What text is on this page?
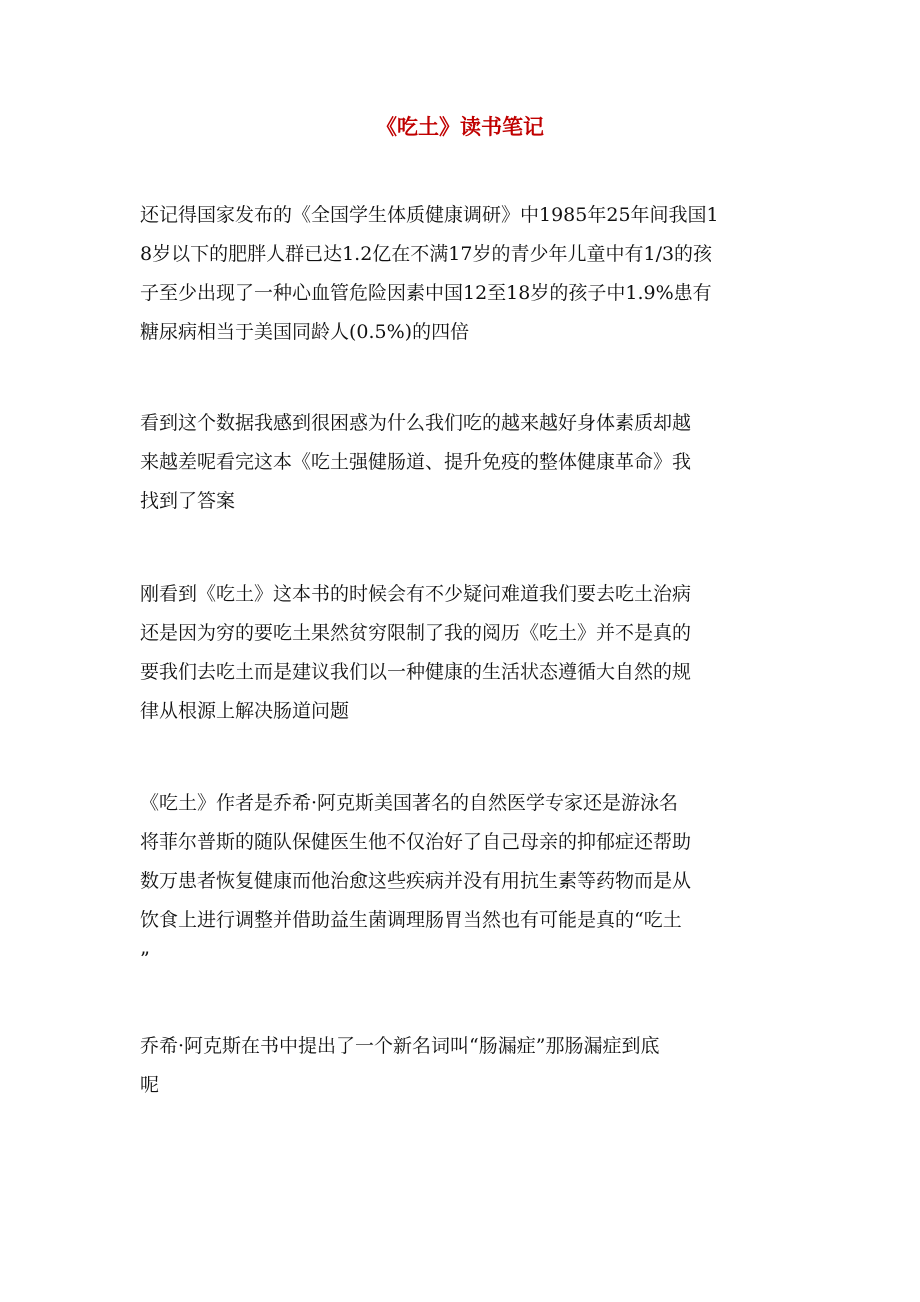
《吃土》读书笔记

还记得国家发布的《全国学生体质健康调研》中1985年25年间我国1
8岁以下的肥胖人群已达1.2亿在不满17岁的青少年儿童中有1/3的孩
子至少出现了一种心血管危险因素中国12至18岁的孩子中1.9%患有
糖尿病相当于美国同龄人(0.5%)的四倍

看到这个数据我感到很困惑为什么我们吃的越来越好身体素质却越
来越差呢看完这本《吃土强健肠道、提升免疫的整体健康革命》我
找到了答案

刚看到《吃土》这本书的时候会有不少疑问难道我们要去吃土治病
还是因为穷的要吃土果然贫穷限制了我的阅历《吃土》并不是真的
要我们去吃土而是建议我们以一种健康的生活状态遵循大自然的规
律从根源上解决肠道问题

《吃土》作者是乔希·阿克斯美国著名的自然医学专家还是游泳名
将菲尔普斯的随队保健医生他不仅治好了自己母亲的抑郁症还帮助
数万患者恢复健康而他治愈这些疾病并没有用抗生素等药物而是从
饮食上进行调整并借助益生菌调理肠胃当然也有可能是真的“吃土
”

乔希·阿克斯在书中提出了一个新名词叫“肠漏症”那肠漏症到底
呢
